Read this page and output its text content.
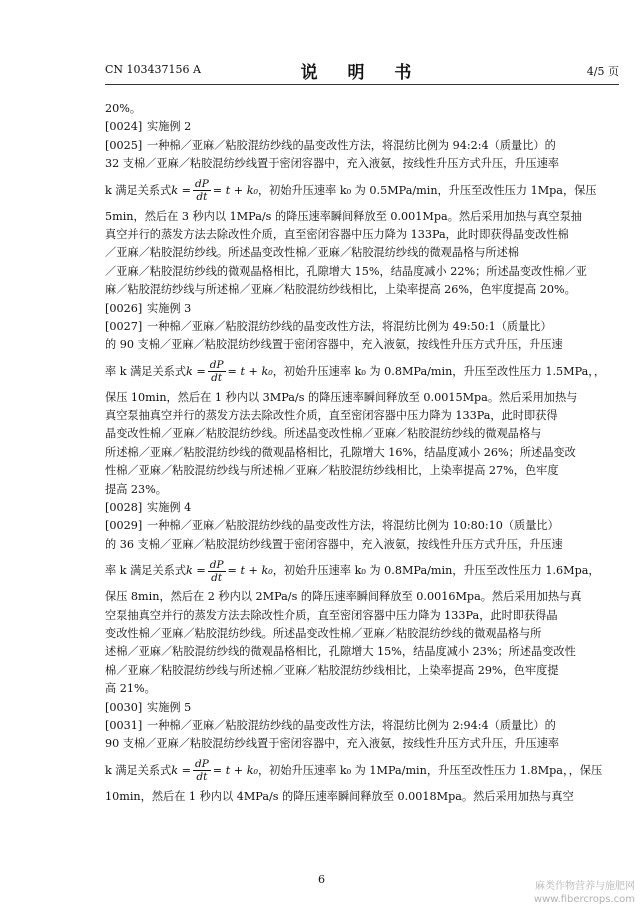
CN 103437156 A	说 明 书	4/5 页
20%。
[0024] 实施例 2
[0025] 一种棉／亚麻／粘胶混纺纱线的晶变改性方法，将混纺比例为 94:2:4（质量比）的
32 支棉／亚麻／粘胶混纺纱线置于密闭容器中，充入液氨，按线性升压方式升压，升压速率
k 满足关系式 k
= $\frac{dP}{dt} = t + k_0$ ，初始升压速率 k₀ 为 0.5MPa/min，升压至改性压力 1Mpa，保压
5min，然后在 3 秒内以 1MPa/s 的降压速率瞬间释放至 0.001Mpa。然后采用加热与真空泵抽
真空并行的蒸发方法去除改性介质，直至密闭容器中压力降为 133Pa，此时即获得晶变改性棉
／亚麻／粘胶混纺纱线。所述晶变改性棉／亚麻／粘胶混纺纱线的微观晶格与所述棉
／亚麻／粘胶混纺纱线的微观晶格相比，孔隙增大 15%，结晶度减小 22%；所述晶变改性棉／亚
麻／粘胶混纺纱线与所述棉／亚麻／粘胶混纺纱线相比，上染率提高 26%，色牢度提高 20%。
[0026] 实施例 3
[0027] 一种棉／亚麻／粘胶混纺纱线的晶变改性方法，将混纺比例为 49:50:1（质量比）
的 90 支棉／亚麻／粘胶混纺纱线置于密闭容器中，充入液氨，按线性升压方式升压，升压速
率 k 满足关系式 k
= $\frac{dP}{dt} = t + k_0$ ，初始升压速率 k₀ 为 0.8MPa/min，升压至改性压力 1.5MPa，，
保压 10min，然后在 1 秒内以 3MPa/s 的降压速率瞬间释放至 0.0015Mpa。然后采用加热与
真空泵抽真空并行的蒸发方法去除改性介质，直至密闭容器中压力降为 133Pa，此时即获得
晶变改性棉／亚麻／粘胶混纺纱线。所述晶变改性棉／亚麻／粘胶混纺纱线的微观晶格与
所述棉／亚麻／粘胶混纺纱线的微观晶格相比，孔隙增大 16%，结晶度减小 26%；所述晶变改
性棉／亚麻／粘胶混纺纱线与所述棉／亚麻／粘胶混纺纱线相比，上染率提高 27%，色牢度
提高 23%。
[0028] 实施例 4
[0029] 一种棉／亚麻／粘胶混纺纱线的晶变改性方法，将混纺比例为 10:80:10（质量比）
的 36 支棉／亚麻／粘胶混纺纱线置于密闭容器中，充入液氨，按线性升压方式升压，升压速
率 k 满足关系式 k
= $\frac{dP}{dt} = t + k_0$ ，初始升压速率 k₀ 为 0.8MPa/min，升压至改性压力 1.6Mpa，
保压 8min，然后在 2 秒内以 2MPa/s 的降压速率瞬间释放至 0.0016Mpa。然后采用加热与真
空泵抽真空并行的蒸发方法去除改性介质，直至密闭容器中压力降为 133Pa，此时即获得晶
变改性棉／亚麻／粘胶混纺纱线。所述晶变改性棉／亚麻／粘胶混纺纱线的微观晶格与所
述棉／亚麻／粘胶混纺纱线的微观晶格相比，孔隙增大 15%，结晶度减小 23%；所述晶变改性
棉／亚麻／粘胶混纺纱线与所述棉／亚麻／粘胶混纺纱线相比，上染率提高 29%，色牢度提
高 21%。
[0030] 实施例 5
[0031] 一种棉／亚麻／粘胶混纺纱线的晶变改性方法，将混纺比例为 2:94:4（质量比）的
90 支棉／亚麻／粘胶混纺纱线置于密闭容器中，充入液氨，按线性升压方式升压，升压速率
k 满足关系式 k
= $\frac{dP}{dt} = t + k_0$ ，初始升压速率 k₀ 为 1MPa/min，升压至改性压力 1.8Mpa，，保压
10min，然后在 1 秒内以 4MPa/s 的降压速率瞬间释放至 0.0018Mpa。然后采用加热与真空
6
麻类作物营养与施肥网
www.fibercrops.com
